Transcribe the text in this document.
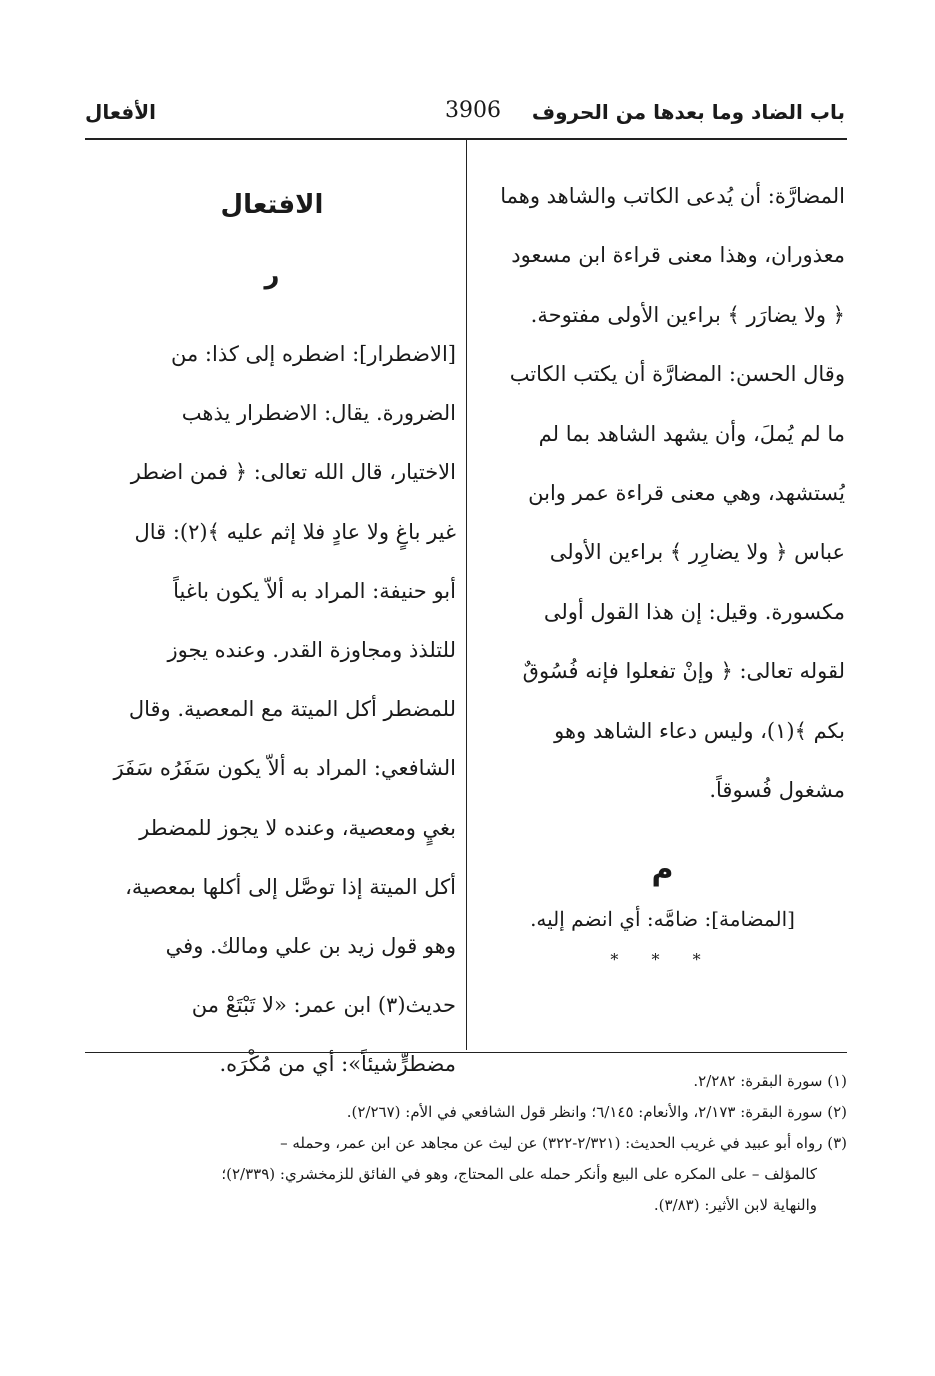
باب الضاد وما بعدها من الحروف
3906
الأفعال
المضارَّة: أن يُدعى الكاتب والشاهد وهما
معذوران، وهذا معنى قراءة ابن مسعود
﴿ ولا يضارَر ﴾ براءين الأولى مفتوحة.
وقال الحسن: المضارَّة أن يكتب الكاتب
ما لم يُملَ، وأن يشهد الشاهد بما لم
يُستشهد، وهي معنى قراءة عمر وابن
عباس ﴿ ولا يضارِر ﴾ براءين الأولى
مكسورة. وقيل: إن هذا القول أولى
لقوله تعالى: ﴿ وإنْ تفعلوا فإنه فُسُوقٌ
بكم ﴾(١)، وليس دعاء الشاهد وهو
مشغول فُسوقاً.
م
[المضامة]: ضامَّه: أي انضم إليه.
* * *
الافتعال
ر
[الاضطرار]: اضطره إلى كذا: من
الضرورة. يقال: الاضطرار يذهب
الاختيار، قال الله تعالى: ﴿ فمن اضطر
غير باغٍ ولا عادٍ فلا إثم عليه ﴾(٢): قال
أبو حنيفة: المراد به ألاّ يكون باغياً
للتلذذ ومجاوزة القدر. وعنده يجوز
للمضطر أكل الميتة مع المعصية. وقال
الشافعي: المراد به ألاّ يكون سَفَرُه سَفَرَ
بغيٍ ومعصية، وعنده لا يجوز للمضطر
أكل الميتة إذا توصَّل إلى أكلها بمعصية،
وهو قول زيد بن علي ومالك. وفي
حديث(٣) ابن عمر: «لا تَبْتَعْ من
مضطرٍّشيئاً»: أي من مُكْرَه.
(١) سورة البقرة: ٢/٢٨٢.
(٢) سورة البقرة: ٢/١٧٣، والأنعام: ٦/١٤٥؛ وانظر قول الشافعي في الأم: (٢/٢٦٧).
(٣) رواه أبو عبيد في غريب الحديث: (٢/٣٢١-٣٢٢) عن ليث عن مجاهد عن ابن عمر، وحمله –
كالمؤلف – على المكره على البيع وأنكر حمله على المحتاج، وهو في الفائق للزمخشري: (٢/٣٣٩)؛
والنهاية لابن الأثير: (٣/٨٣).
